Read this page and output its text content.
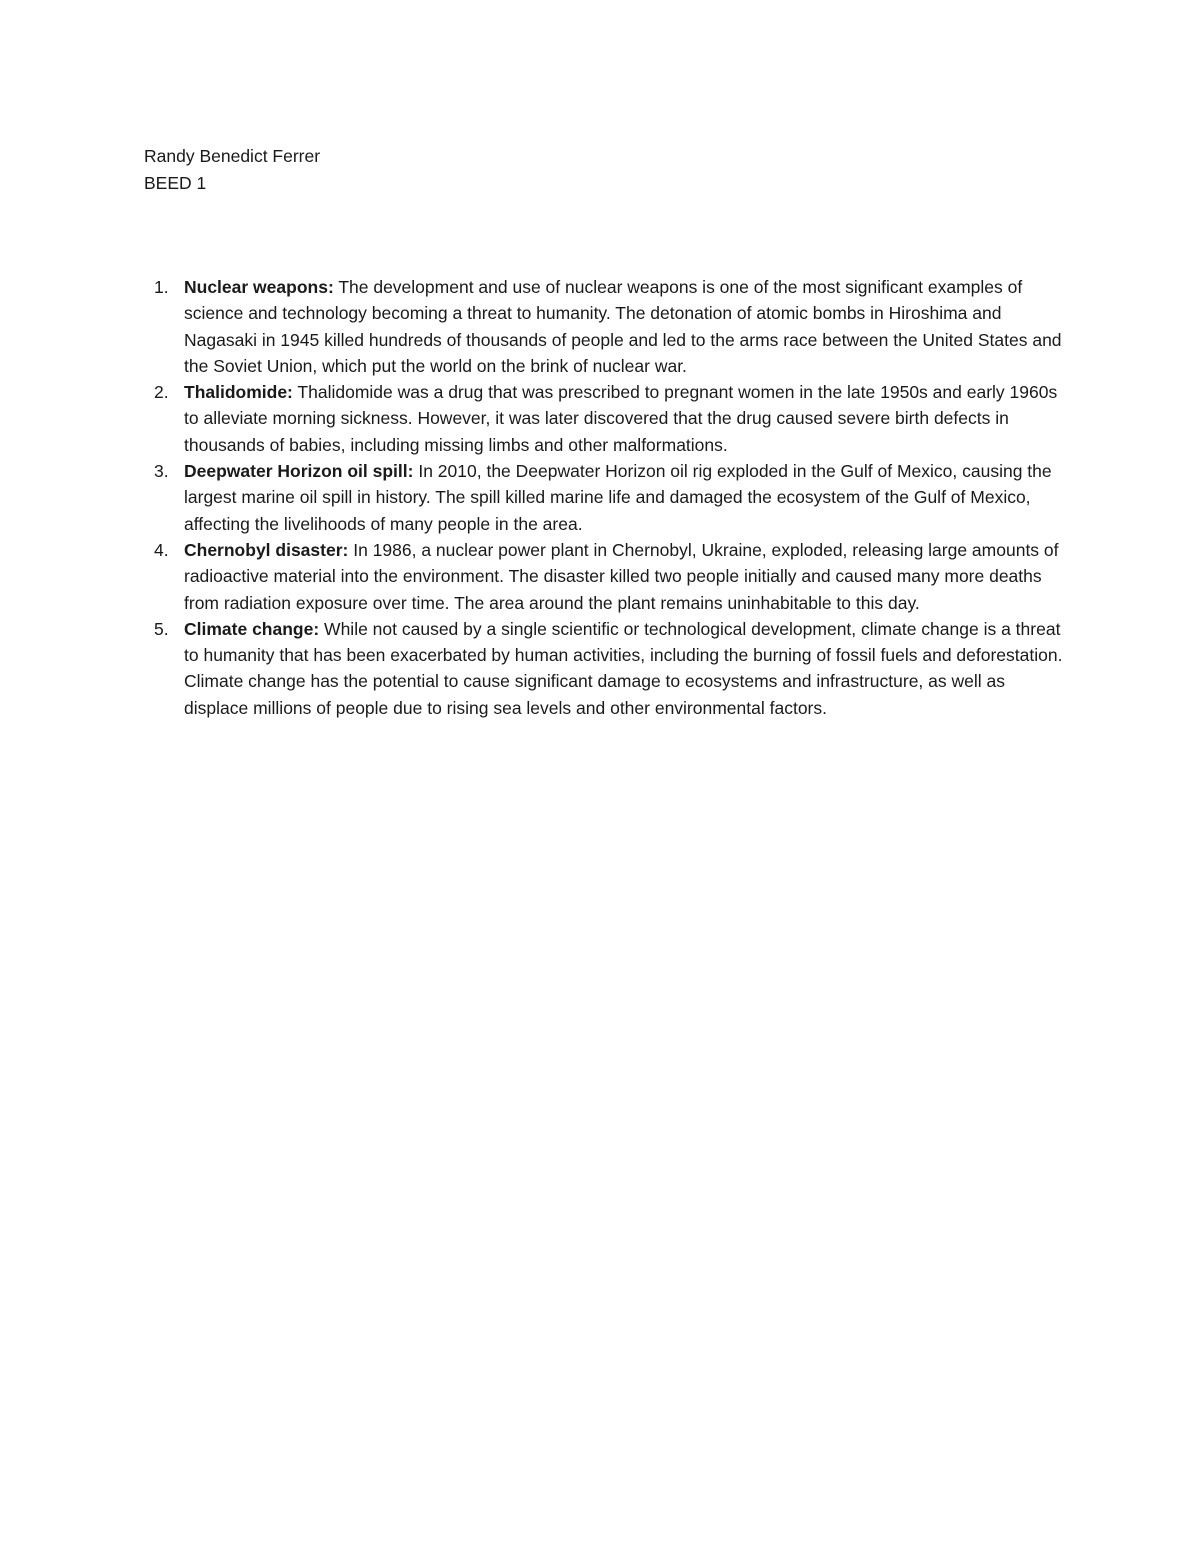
Randy Benedict Ferrer
BEED 1
1. Nuclear weapons: The development and use of nuclear weapons is one of the most significant examples of science and technology becoming a threat to humanity. The detonation of atomic bombs in Hiroshima and Nagasaki in 1945 killed hundreds of thousands of people and led to the arms race between the United States and the Soviet Union, which put the world on the brink of nuclear war.
2. Thalidomide: Thalidomide was a drug that was prescribed to pregnant women in the late 1950s and early 1960s to alleviate morning sickness. However, it was later discovered that the drug caused severe birth defects in thousands of babies, including missing limbs and other malformations.
3. Deepwater Horizon oil spill: In 2010, the Deepwater Horizon oil rig exploded in the Gulf of Mexico, causing the largest marine oil spill in history. The spill killed marine life and damaged the ecosystem of the Gulf of Mexico, affecting the livelihoods of many people in the area.
4. Chernobyl disaster: In 1986, a nuclear power plant in Chernobyl, Ukraine, exploded, releasing large amounts of radioactive material into the environment. The disaster killed two people initially and caused many more deaths from radiation exposure over time. The area around the plant remains uninhabitable to this day.
5. Climate change: While not caused by a single scientific or technological development, climate change is a threat to humanity that has been exacerbated by human activities, including the burning of fossil fuels and deforestation. Climate change has the potential to cause significant damage to ecosystems and infrastructure, as well as displace millions of people due to rising sea levels and other environmental factors.
